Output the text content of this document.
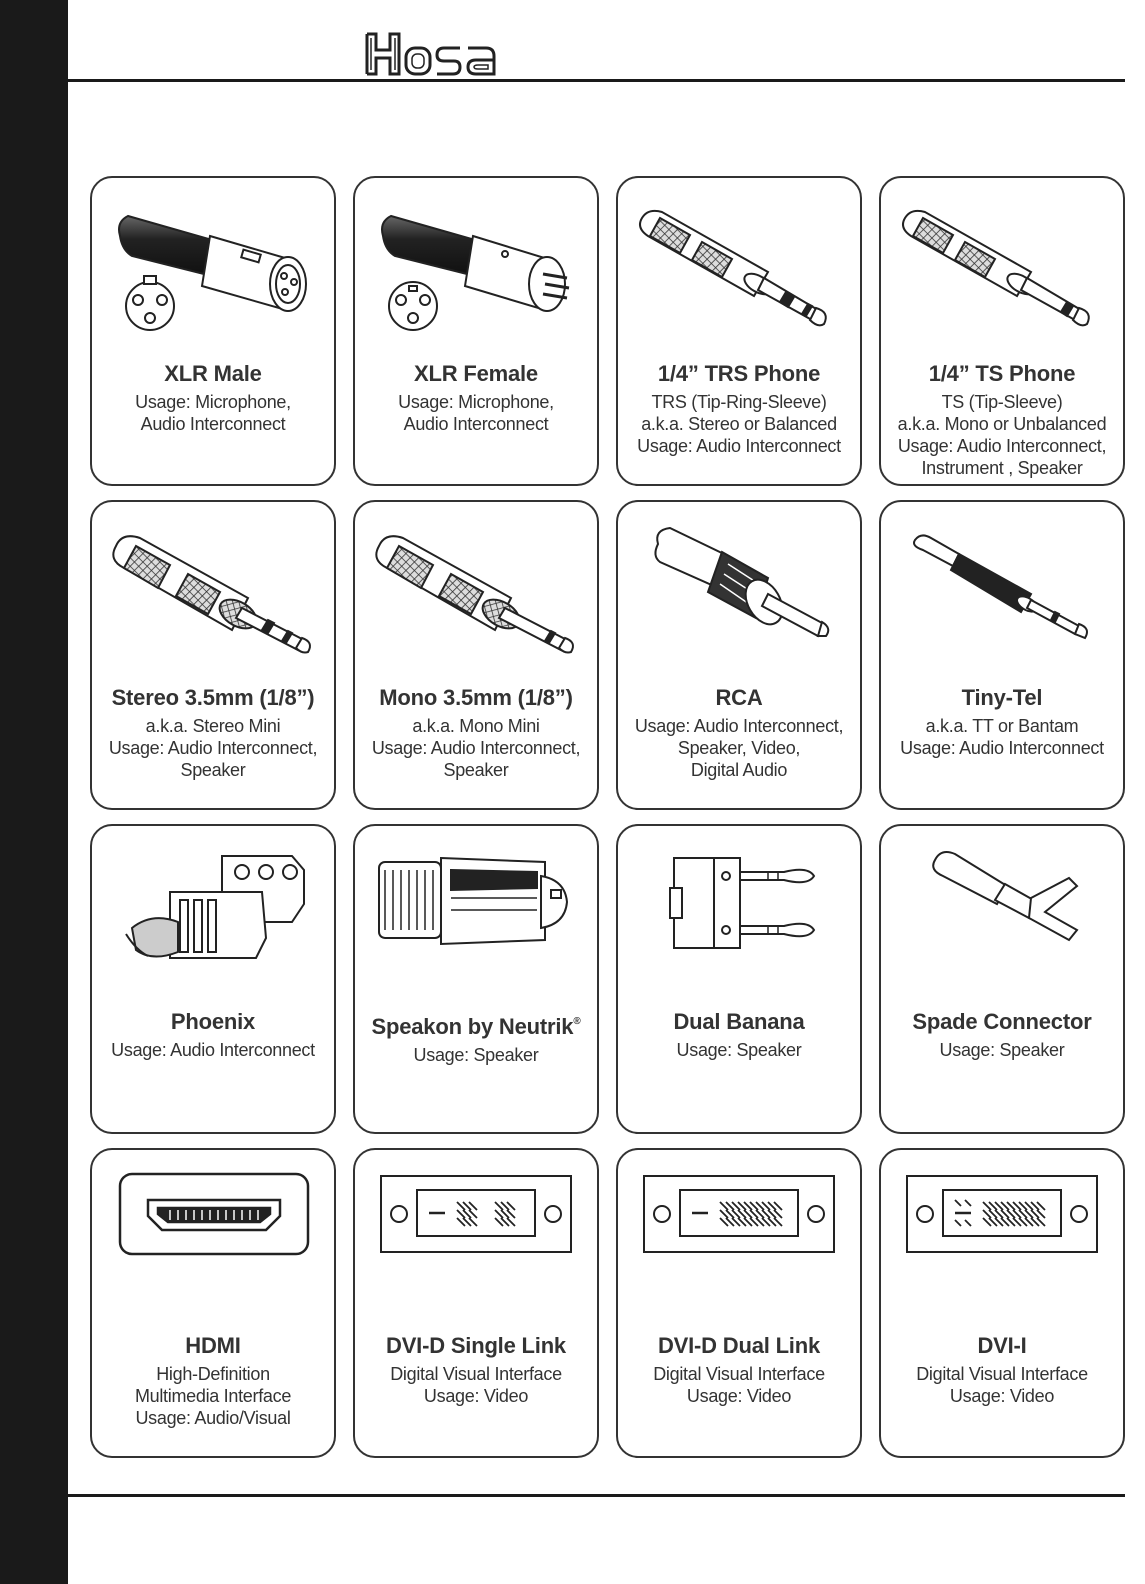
XLR Male
Usage: Microphone,
Audio Interconnect
XLR Female
Usage: Microphone,
Audio Interconnect
1/4” TRS Phone
TRS (Tip-Ring-Sleeve)
a.k.a. Stereo or Balanced
Usage: Audio Interconnect
1/4” TS Phone
TS (Tip-Sleeve)
a.k.a. Mono or Unbalanced
Usage: Audio Interconnect,
Instrument , Speaker
Stereo 3.5mm (1/8”)
a.k.a. Stereo Mini
Usage: Audio Interconnect,
Speaker
Mono 3.5mm (1/8”)
a.k.a. Mono Mini
Usage: Audio Interconnect,
Speaker
RCA
Usage: Audio Interconnect,
Speaker, Video,
Digital Audio
Tiny-Tel
a.k.a. TT or Bantam
Usage: Audio Interconnect
Phoenix
Usage: Audio Interconnect
Speakon by Neutrik®
Usage: Speaker
Dual Banana
Usage: Speaker
Spade Connector
Usage: Speaker
HDMI
High-Definition
Multimedia Interface
Usage: Audio/Visual
DVI-D Single Link
Digital Visual Interface
Usage: Video
DVI-D Dual Link
Digital Visual Interface
Usage: Video
DVI-I
Digital Visual Interface
Usage: Video
